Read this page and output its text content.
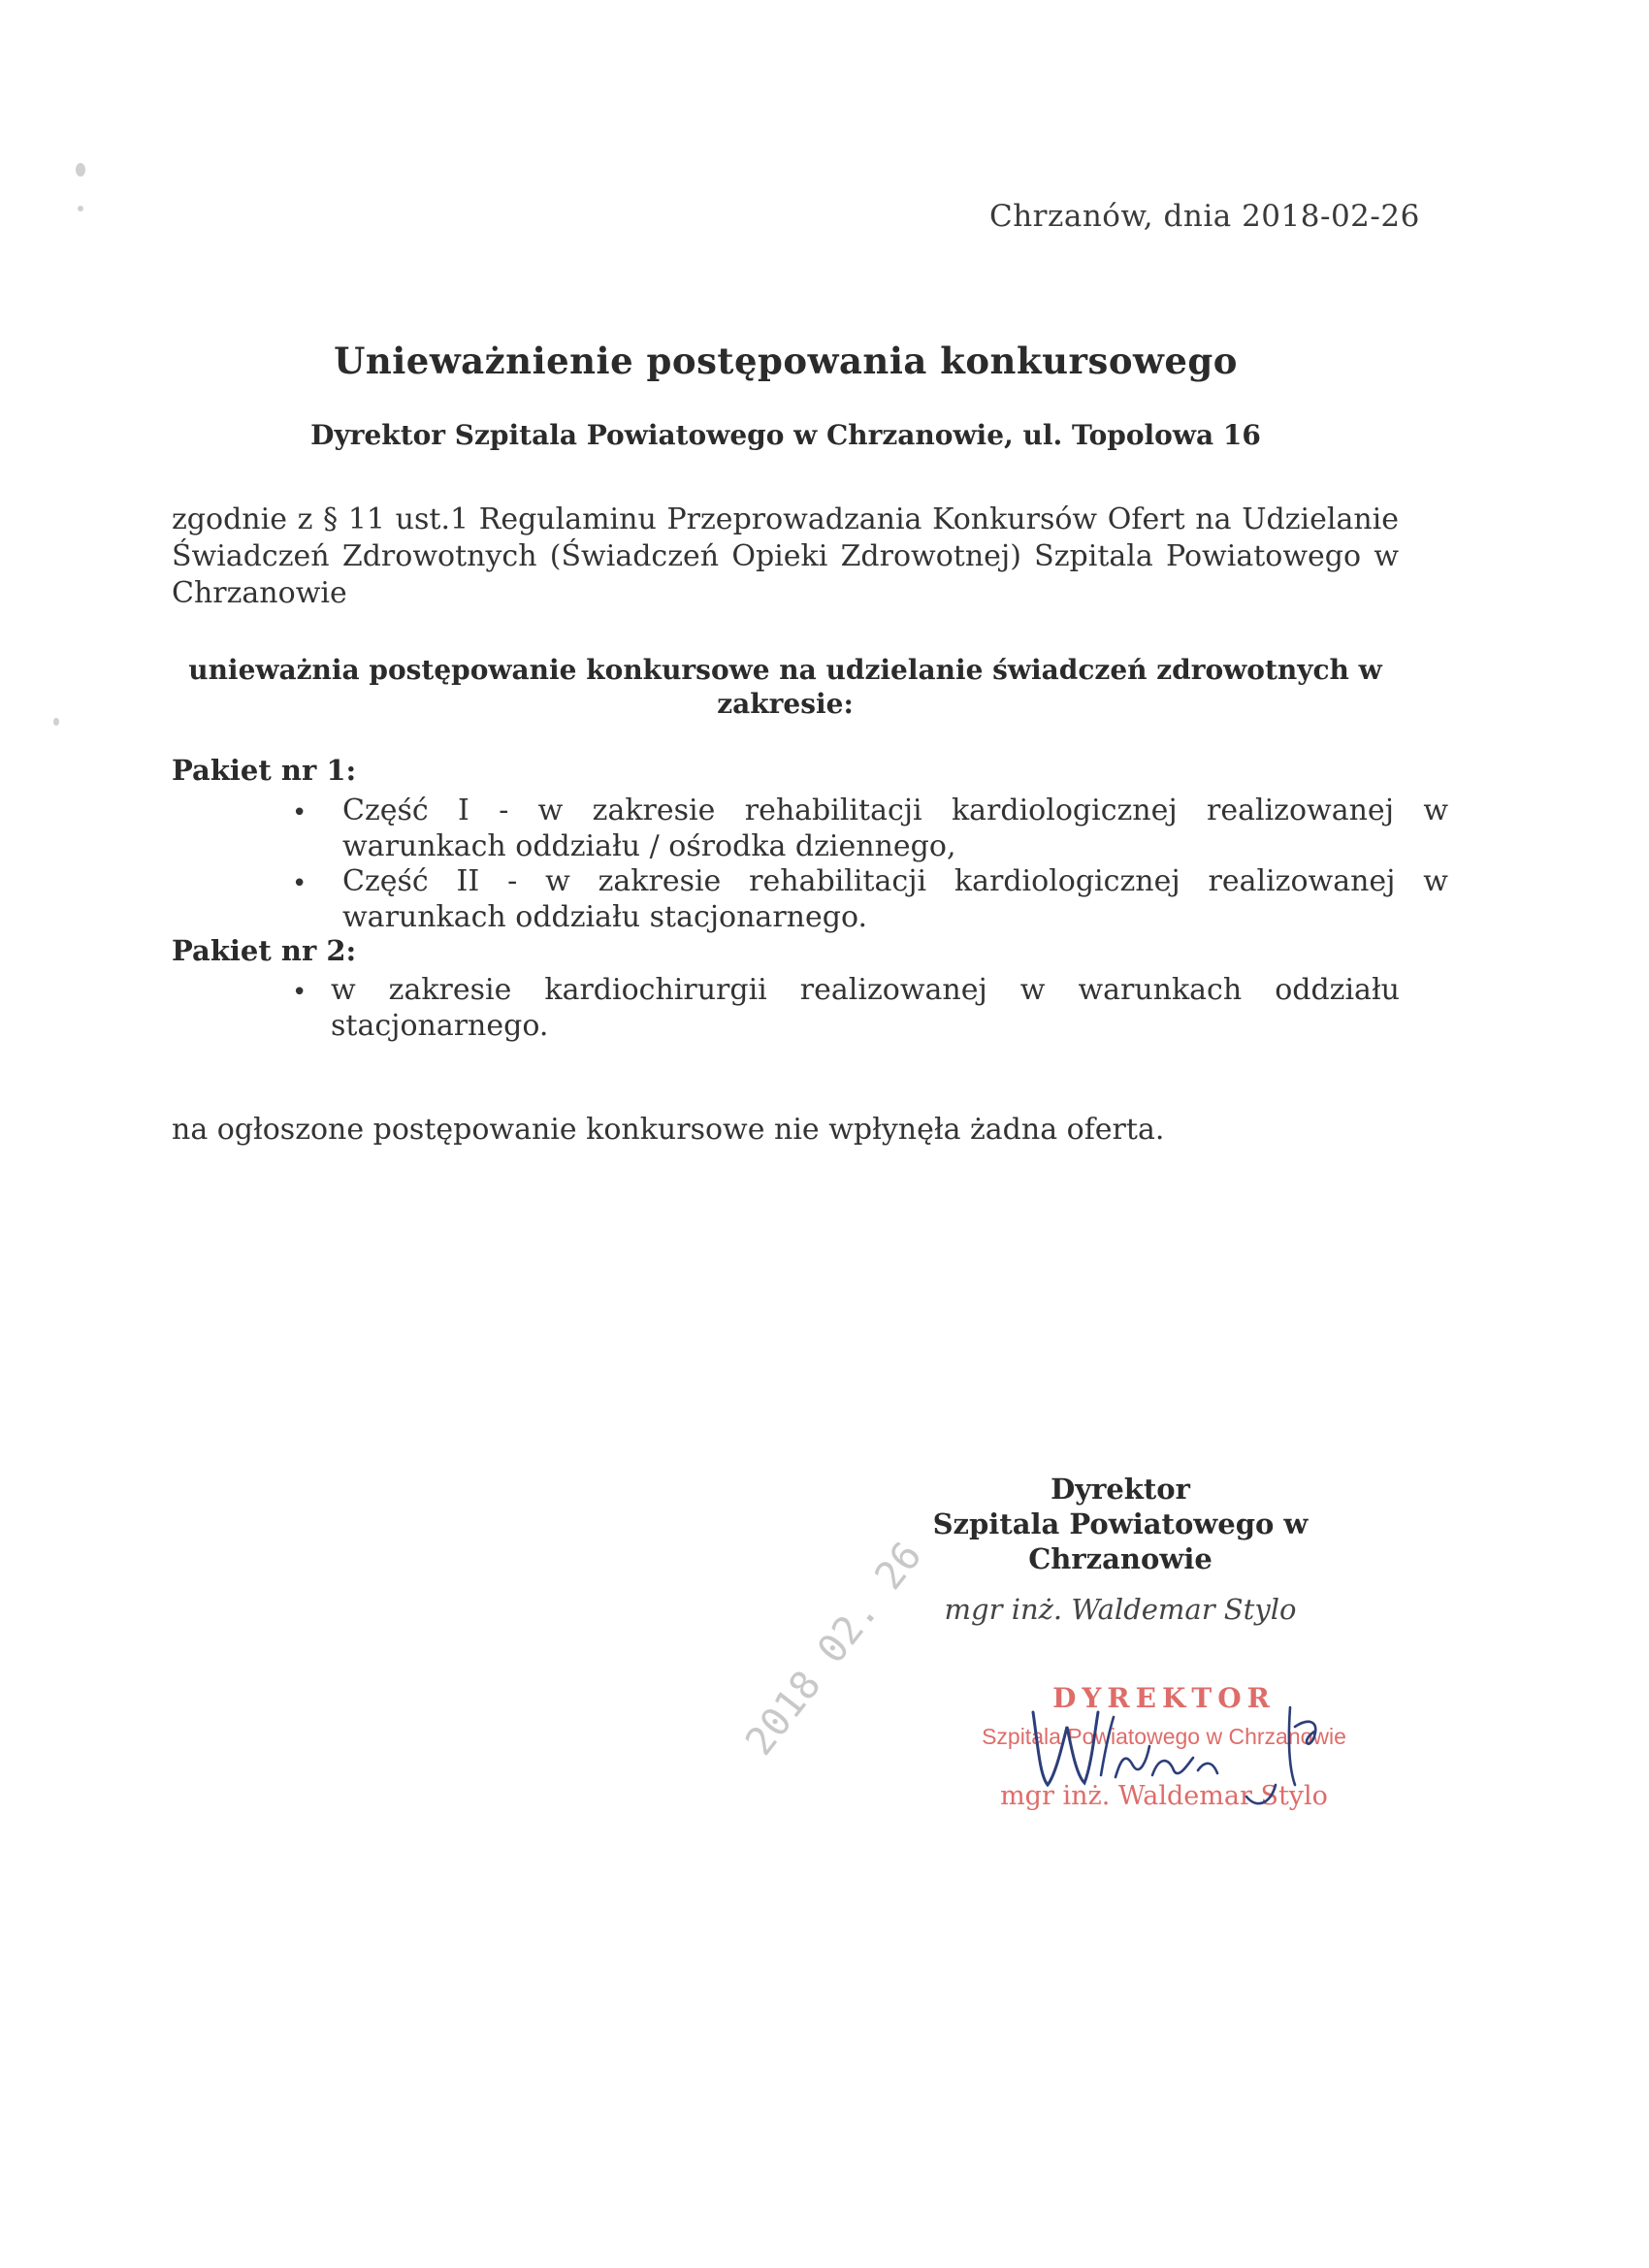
Chrzanów, dnia 2018-02-26
Unieważnienie postępowania konkursowego
Dyrektor Szpitala Powiatowego w Chrzanowie, ul. Topolowa 16
zgodnie z § 11 ust.1 Regulaminu Przeprowadzania Konkursów Ofert na Udzielanie Świadczeń Zdrowotnych (Świadczeń Opieki Zdrowotnej) Szpitala Powiatowego w Chrzanowie
unieważnia postępowanie konkursowe na udzielanie świadczeń zdrowotnych w zakresie:
Pakiet nr 1:
• Część I - w zakresie rehabilitacji kardiologicznej realizowanej w warunkach oddziału / ośrodka dziennego,
• Część II - w zakresie rehabilitacji kardiologicznej realizowanej w warunkach oddziału stacjonarnego.
Pakiet nr 2:
• w zakresie kardiochirurgii realizowanej w warunkach oddziału stacjonarnego.
na ogłoszone postępowanie konkursowe nie wpłynęła żadna oferta.
Dyrektor
Szpitala Powiatowego w
Chrzanowie
mgr inż. Waldemar Stylo
DYREKTOR
Szpitala Powiatowego w Chrzanowie
mgr inż. Waldemar Stylo
2018 02. 26
